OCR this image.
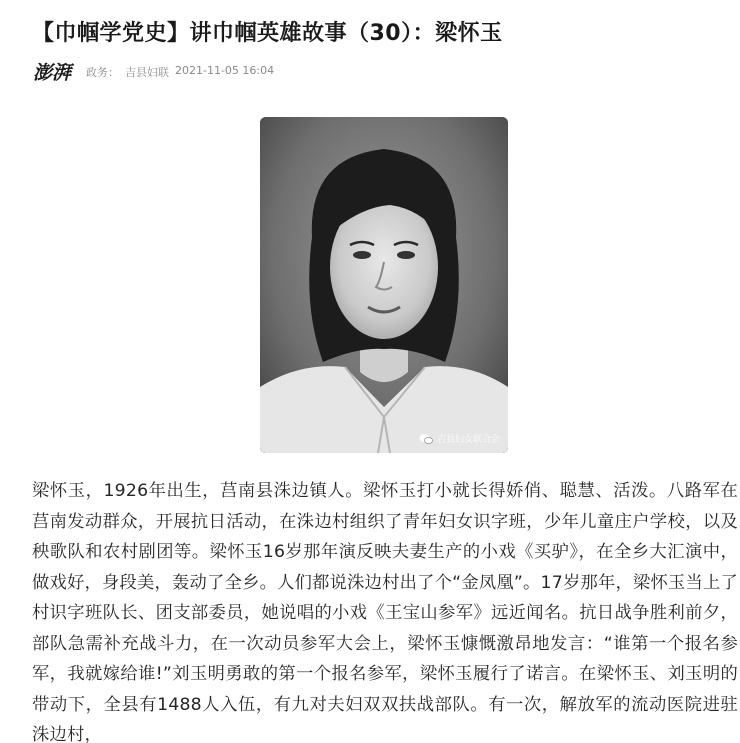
【巾帼学党史】讲巾帼英雄故事（30）：梁怀玉
澎湃	政务： 吉县妇联 2021-11-05 16:04
吉县妇女联合会

梁怀玉，1926年出生，莒南县洙边镇人。梁怀玉打小就长得娇俏、聪慧、活泼。八路军在莒南发动群众，开展抗日活动，在洙边村组织了青年妇女识字班，少年儿童庄户学校，以及秧歌队和农村剧团等。梁怀玉16岁那年演反映夫妻生产的小戏《买驴》，在全乡大汇演中，做戏好，身段美，轰动了全乡。人们都说洙边村出了个“金凤凰”。17岁那年，梁怀玉当上了村识字班队长、团支部委员，她说唱的小戏《王宝山参军》远近闻名。抗日战争胜利前夕，部队急需补充战斗力，在一次动员参军大会上，梁怀玉慷慨激昂地发言：“谁第一个报名参军，我就嫁给谁!”刘玉明勇敢的第一个报名参军，梁怀玉履行了诺言。在梁怀玉、刘玉明的带动下，全县有1488人入伍，有九对夫妇双双扶战部队。有一次，解放军的流动医院进驻洙边村，
